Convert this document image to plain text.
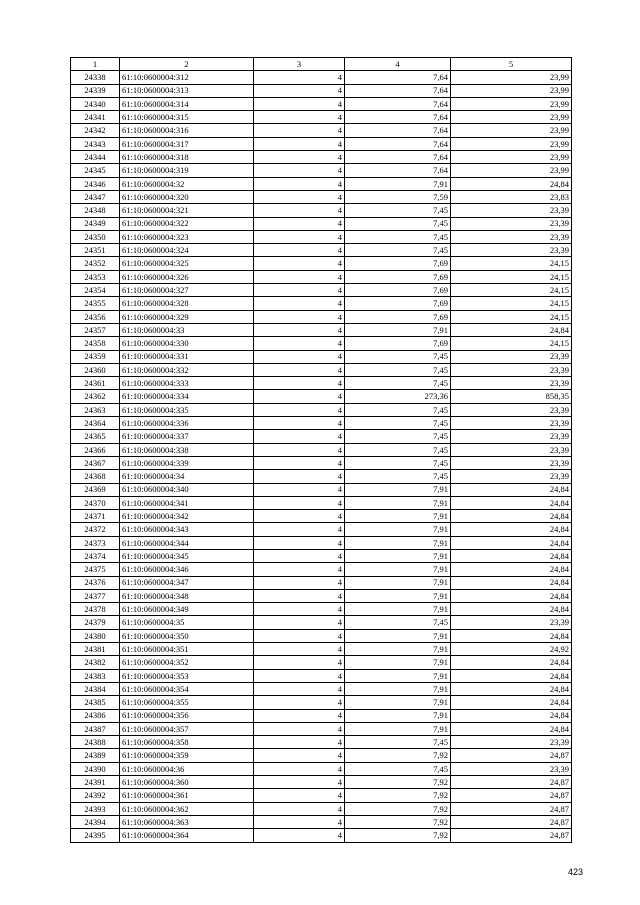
1	2	3	4	5
24338	61:10:0600004:312	4	7,64	23,99
24339	61:10:0600004:313	4	7,64	23,99
24340	61:10:0600004:314	4	7,64	23,99
24341	61:10:0600004:315	4	7,64	23,99
24342	61:10:0600004:316	4	7,64	23,99
24343	61:10:0600004:317	4	7,64	23,99
24344	61:10:0600004:318	4	7,64	23,99
24345	61:10:0600004:319	4	7,64	23,99
24346	61:10:0600004:32	4	7,91	24,84
24347	61:10:0600004:320	4	7,59	23,83
24348	61:10:0600004:321	4	7,45	23,39
24349	61:10:0600004:322	4	7,45	23,39
24350	61:10:0600004:323	4	7,45	23,39
24351	61:10:0600004:324	4	7,45	23,39
24352	61:10:0600004:325	4	7,69	24,15
24353	61:10:0600004:326	4	7,69	24,15
24354	61:10:0600004:327	4	7,69	24,15
24355	61:10:0600004:328	4	7,69	24,15
24356	61:10:0600004:329	4	7,69	24,15
24357	61:10:0600004:33	4	7,91	24,84
24358	61:10:0600004:330	4	7,69	24,15
24359	61:10:0600004:331	4	7,45	23,39
24360	61:10:0600004:332	4	7,45	23,39
24361	61:10:0600004:333	4	7,45	23,39
24362	61:10:0600004:334	4	273,36	858,35
24363	61:10:0600004:335	4	7,45	23,39
24364	61:10:0600004:336	4	7,45	23,39
24365	61:10:0600004:337	4	7,45	23,39
24366	61:10:0600004:338	4	7,45	23,39
24367	61:10:0600004:339	4	7,45	23,39
24368	61:10:0600004:34	4	7,45	23,39
24369	61:10:0600004:340	4	7,91	24,84
24370	61:10:0600004:341	4	7,91	24,84
24371	61:10:0600004:342	4	7,91	24,84
24372	61:10:0600004:343	4	7,91	24,84
24373	61:10:0600004:344	4	7,91	24,84
24374	61:10:0600004:345	4	7,91	24,84
24375	61:10:0600004:346	4	7,91	24,84
24376	61:10:0600004:347	4	7,91	24,84
24377	61:10:0600004:348	4	7,91	24,84
24378	61:10:0600004:349	4	7,91	24,84
24379	61:10:0600004:35	4	7,45	23,39
24380	61:10:0600004:350	4	7,91	24,84
24381	61:10:0600004:351	4	7,91	24,92
24382	61:10:0600004:352	4	7,91	24,84
24383	61:10:0600004:353	4	7,91	24,84
24384	61:10:0600004:354	4	7,91	24,84
24385	61:10:0600004:355	4	7,91	24,84
24386	61:10:0600004:356	4	7,91	24,84
24387	61:10:0600004:357	4	7,91	24,84
24388	61:10:0600004:358	4	7,45	23,39
24389	61:10:0600004:359	4	7,92	24,87
24390	61:10:0600004:36	4	7,45	23,39
24391	61:10:0600004:360	4	7,92	24,87
24392	61:10:0600004:361	4	7,92	24,87
24393	61:10:0600004:362	4	7,92	24,87
24394	61:10:0600004:363	4	7,92	24,87
24395	61:10:0600004:364	4	7,92	24,87
423
